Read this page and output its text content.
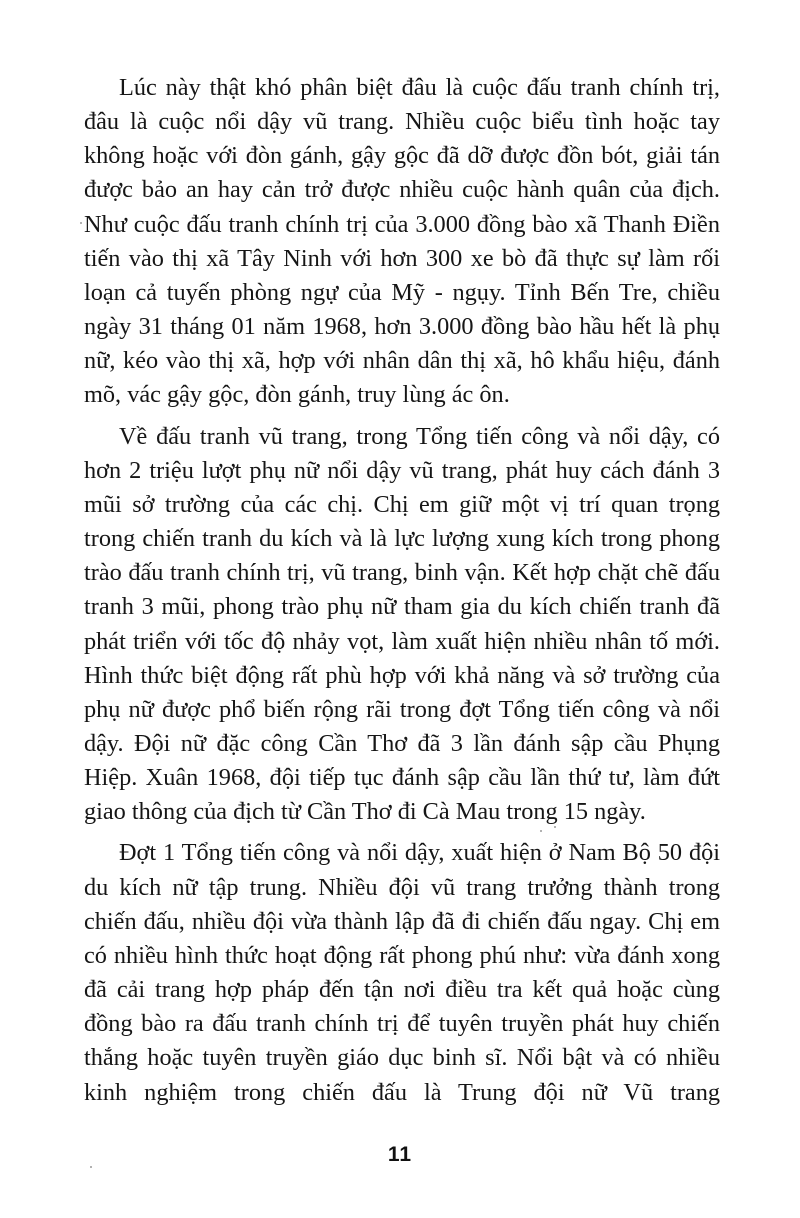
Lúc này thật khó phân biệt đâu là cuộc đấu tranh chính trị, đâu là cuộc nổi dậy vũ trang. Nhiều cuộc biểu tình hoặc tay không hoặc với đòn gánh, gậy gộc đã dỡ được đồn bót, giải tán được bảo an hay cản trở được nhiều cuộc hành quân của địch. Như cuộc đấu tranh chính trị của 3.000 đồng bào xã Thanh Điền tiến vào thị xã Tây Ninh với hơn 300 xe bò đã thực sự làm rối loạn cả tuyến phòng ngự của Mỹ - ngụy. Tỉnh Bến Tre, chiều ngày 31 tháng 01 năm 1968, hơn 3.000 đồng bào hầu hết là phụ nữ, kéo vào thị xã, hợp với nhân dân thị xã, hô khẩu hiệu, đánh mõ, vác gậy gộc, đòn gánh, truy lùng ác ôn.

Về đấu tranh vũ trang, trong Tổng tiến công và nổi dậy, có hơn 2 triệu lượt phụ nữ nổi dậy vũ trang, phát huy cách đánh 3 mũi sở trường của các chị. Chị em giữ một vị trí quan trọng trong chiến tranh du kích và là lực lượng xung kích trong phong trào đấu tranh chính trị, vũ trang, binh vận. Kết hợp chặt chẽ đấu tranh 3 mũi, phong trào phụ nữ tham gia du kích chiến tranh đã phát triển với tốc độ nhảy vọt, làm xuất hiện nhiều nhân tố mới. Hình thức biệt động rất phù hợp với khả năng và sở trường của phụ nữ được phổ biến rộng rãi trong đợt Tổng tiến công và nổi dậy. Đội nữ đặc công Cần Thơ đã 3 lần đánh sập cầu Phụng Hiệp. Xuân 1968, đội tiếp tục đánh sập cầu lần thứ tư, làm đứt giao thông của địch từ Cần Thơ đi Cà Mau trong 15 ngày.

Đợt 1 Tổng tiến công và nổi dậy, xuất hiện ở Nam Bộ 50 đội du kích nữ tập trung. Nhiều đội vũ trang trưởng thành trong chiến đấu, nhiều đội vừa thành lập đã đi chiến đấu ngay. Chị em có nhiều hình thức hoạt động rất phong phú như: vừa đánh xong đã cải trang hợp pháp đến tận nơi điều tra kết quả hoặc cùng đồng bào ra đấu tranh chính trị để tuyên truyền phát huy chiến thắng hoặc tuyên truyền giáo dục binh sĩ. Nổi bật và có nhiều kinh nghiệm trong chiến đấu là Trung đội nữ Vũ trang

11
